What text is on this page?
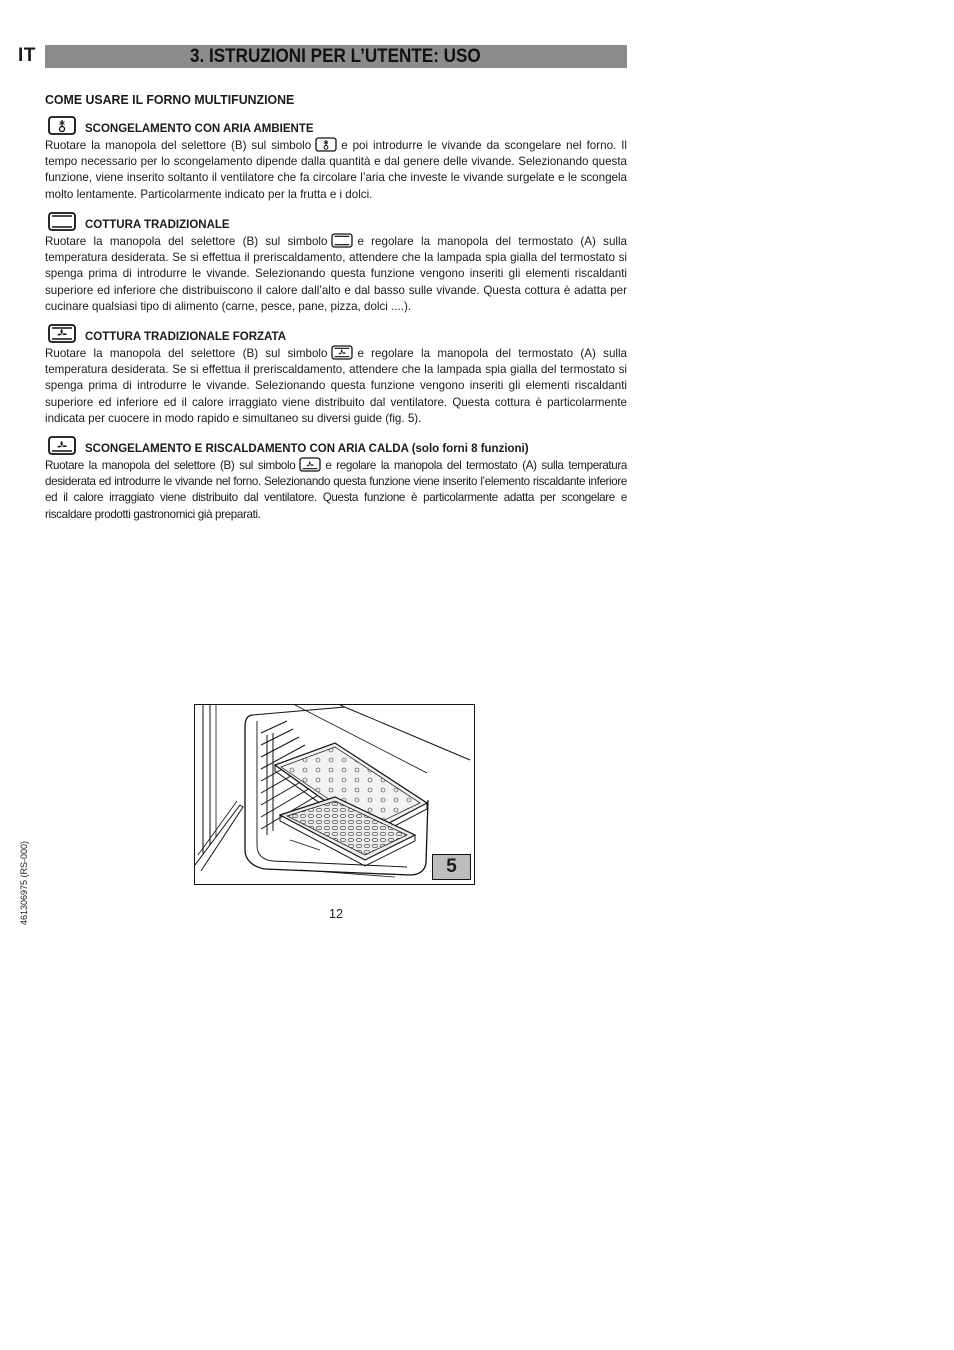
IT	3. ISTRUZIONI PER L’UTENTE: USO
COME USARE IL FORNO MULTIFUNZIONE
SCONGELAMENTO CON ARIA AMBIENTE
Ruotare la manopola del selettore (B) sul simbolo	e poi introdurre le vivande da scongelare nel forno. Il tempo necessario per lo scongelamento dipende dalla quantità e dal genere delle vivande. Selezionando questa funzione, viene inserito soltanto il ventilatore che fa circolare l’aria che investe le vivande surgelate e le scongela molto lentamente. Particolarmente indicato per la frutta e i dolci.
COTTURA TRADIZIONALE
Ruotare la manopola del selettore (B) sul simbolo	e regolare la manopola del termostato (A) sulla temperatura desiderata. Se si effettua il preriscaldamento, attendere che la lampada spia gialla del termostato si spenga prima di introdurre le vivande. Selezionando questa funzione vengono inseriti gli elementi riscaldanti superiore ed inferiore che distribuiscono il calore dall’alto e dal basso sulle vivande. Questa cottura è adatta per cucinare qualsiasi tipo di alimento (carne, pesce, pane, pizza, dolci ....).
COTTURA TRADIZIONALE FORZATA
Ruotare la manopola del selettore (B) sul simbolo	e regolare la manopola del termostato (A) sulla temperatura desiderata. Se si effettua il preriscaldamento, attendere che la lampada spia gialla del termostato si spenga prima di introdurre le vivande. Selezionando questa funzione vengono inseriti gli elementi riscaldanti superiore ed inferiore ed il calore irraggiato viene distribuito dal ventilatore. Questa cottura è particolarmente indicata per cuocere in modo rapido e simultaneo su diversi guide (fig. 5).
SCONGELAMENTO E RISCALDAMENTO CON ARIA CALDA (solo forni 8 funzioni)
Ruotare la manopola del selettore (B) sul simbolo	e regolare la manopola del termostato (A) sulla temperatura desiderata ed introdurre le vivande nel forno. Selezionando questa funzione viene inserito l’elemento riscaldante inferiore ed il calore irraggiato viene distribuito dal ventilatore. Questa funzione è particolarmente adatta per scongelare e riscaldare prodotti gastronomici già preparati.
5
12
461306975 (RS-000)
